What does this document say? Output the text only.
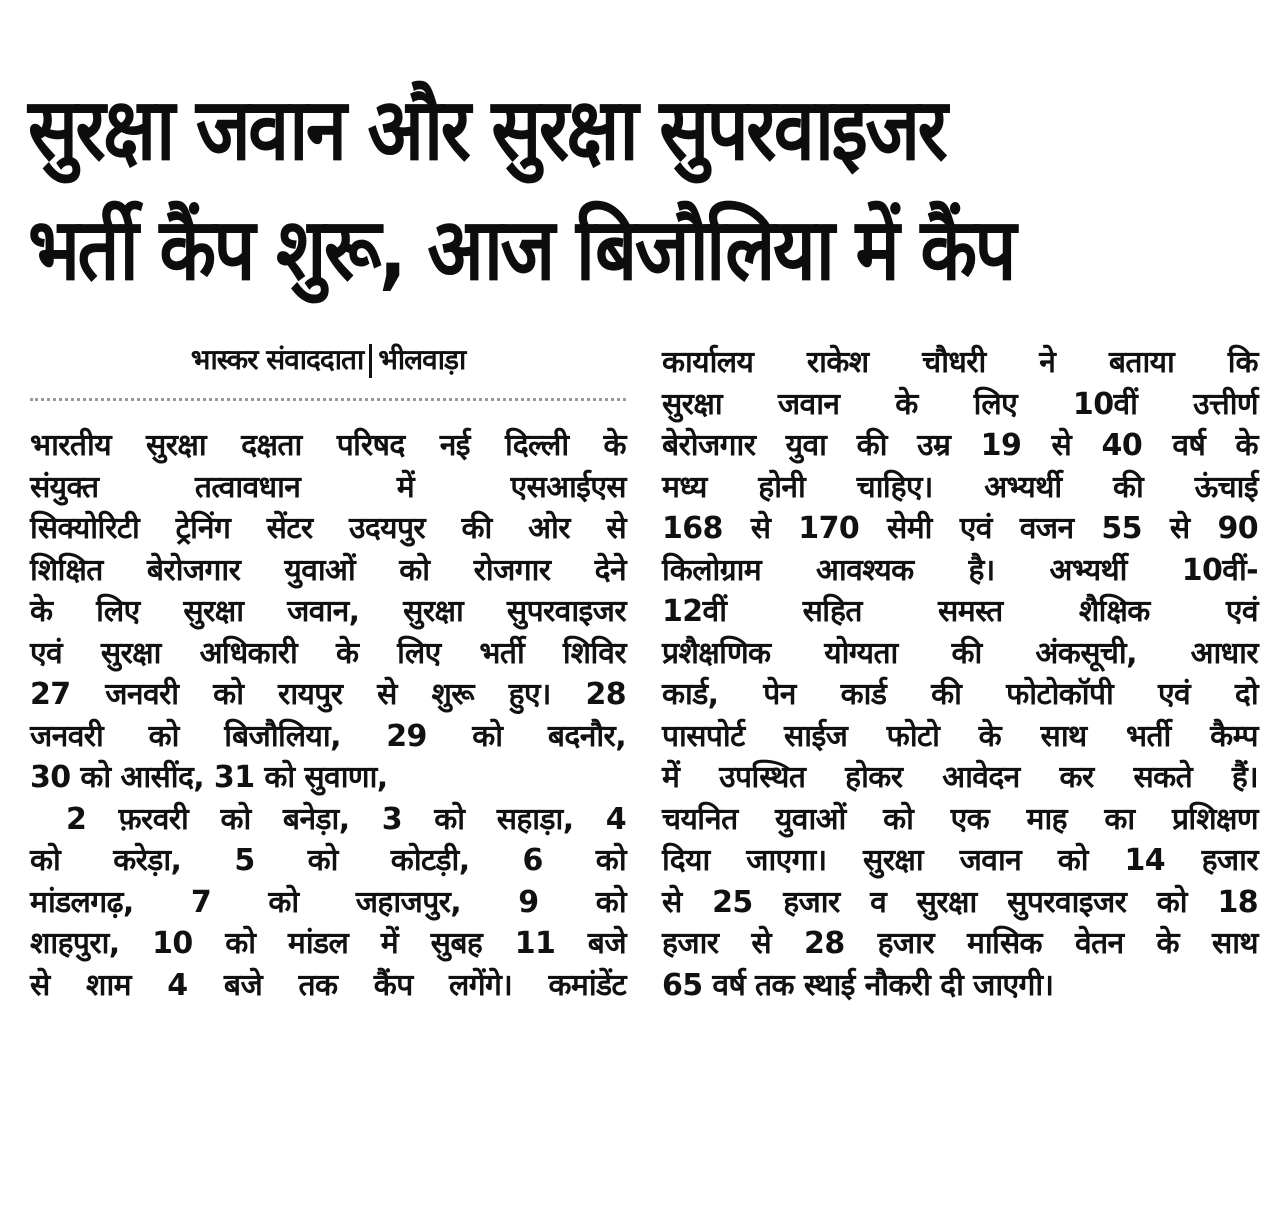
सुरक्षा जवान और सुरक्षा सुपरवाइजर
भर्ती कैंप शुरू, आज बिजौलिया में कैंप
भास्कर संवाददाता भीलवाड़ा

भारतीय सुरक्षा दक्षता परिषद नई दिल्ली के
संयुक्त तत्वावधान में एसआईएस
सिक्योरिटी ट्रेनिंग सेंटर उदयपुर की ओर से
शिक्षित बेरोजगार युवाओं को रोजगार देने
के लिए सुरक्षा जवान, सुरक्षा सुपरवाइजर
एवं सुरक्षा अधिकारी के लिए भर्ती शिविर
27 जनवरी को रायपुर से शुरू हुए। 28
जनवरी को बिजौलिया, 29 को बदनौर,
30 को आसींद, 31 को सुवाणा,
2 फ़रवरी को बनेड़ा, 3 को सहाड़ा, 4
को करेड़ा, 5 को कोटड़ी, 6 को
मांडलगढ़, 7 को जहाजपुर, 9 को
शाहपुरा, 10 को मांडल में सुबह 11 बजे
से शाम 4 बजे तक कैंप लगेंगे। कमांडेंट

कार्यालय राकेश चौधरी ने बताया कि
सुरक्षा जवान के लिए 10वीं उत्तीर्ण
बेरोजगार युवा की उम्र 19 से 40 वर्ष के
मध्य होनी चाहिए। अभ्यर्थी की ऊंचाई
168 से 170 सेमी एवं वजन 55 से 90
किलोग्राम आवश्यक है। अभ्यर्थी 10वीं-
12वीं सहित समस्त शैक्षिक एवं
प्रशैक्षणिक योग्यता की अंकसूची, आधार
कार्ड, पेन कार्ड की फोटोकॉपी एवं दो
पासपोर्ट साईज फोटो के साथ भर्ती कैम्प
में उपस्थित होकर आवेदन कर सकते हैं।
चयनित युवाओं को एक माह का प्रशिक्षण
दिया जाएगा। सुरक्षा जवान को 14 हजार
से 25 हजार व सुरक्षा सुपरवाइजर को 18
हजार से 28 हजार मासिक वेतन के साथ
65 वर्ष तक स्थाई नौकरी दी जाएगी।
